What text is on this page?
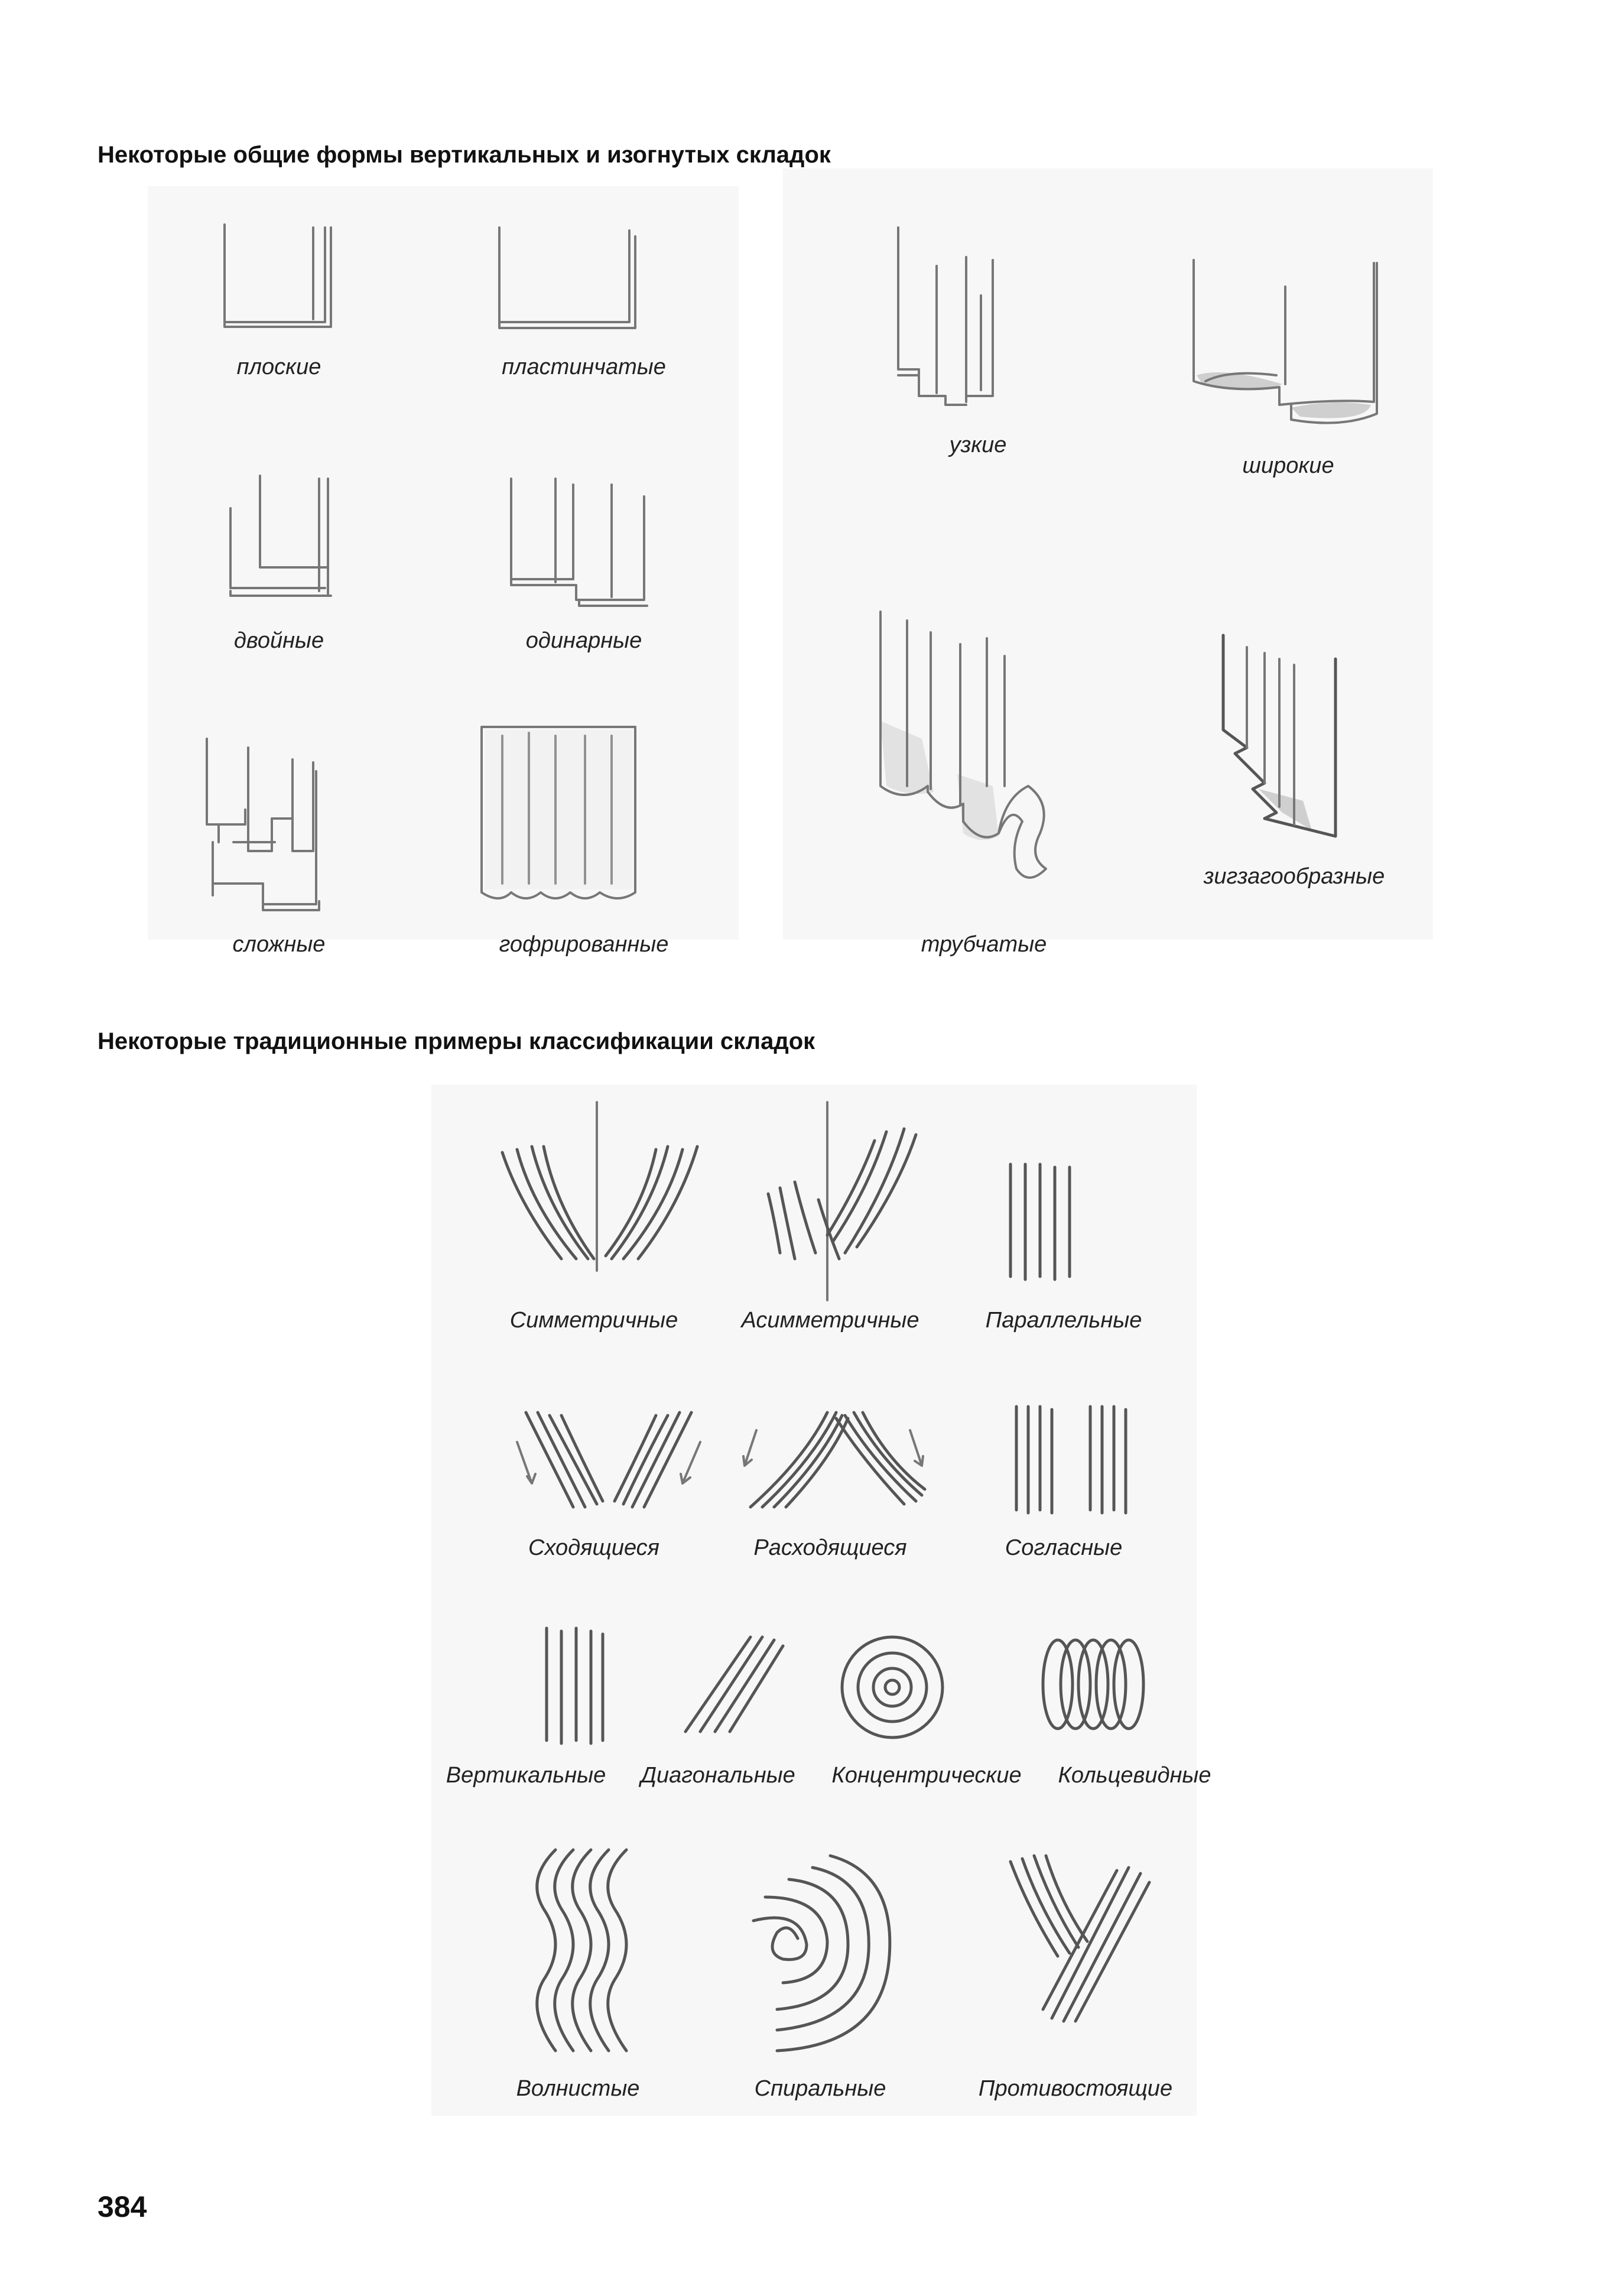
Некоторые общие формы вертикальных и изогнутых складок
Некоторые традиционные примеры классификации складок
плоские	пластинчатые
двойные	одинарные
сложные	гофрированные
узкие
широкие
трубчатые
зигзагообразные
Симметричные	Асимметричные	Параллельные
Сходящиеся	Расходящиеся	Согласные
Вертикальные Диагональные Концентрические Кольцевидные
Волнистые	Спиральные	Противостоящие
384
